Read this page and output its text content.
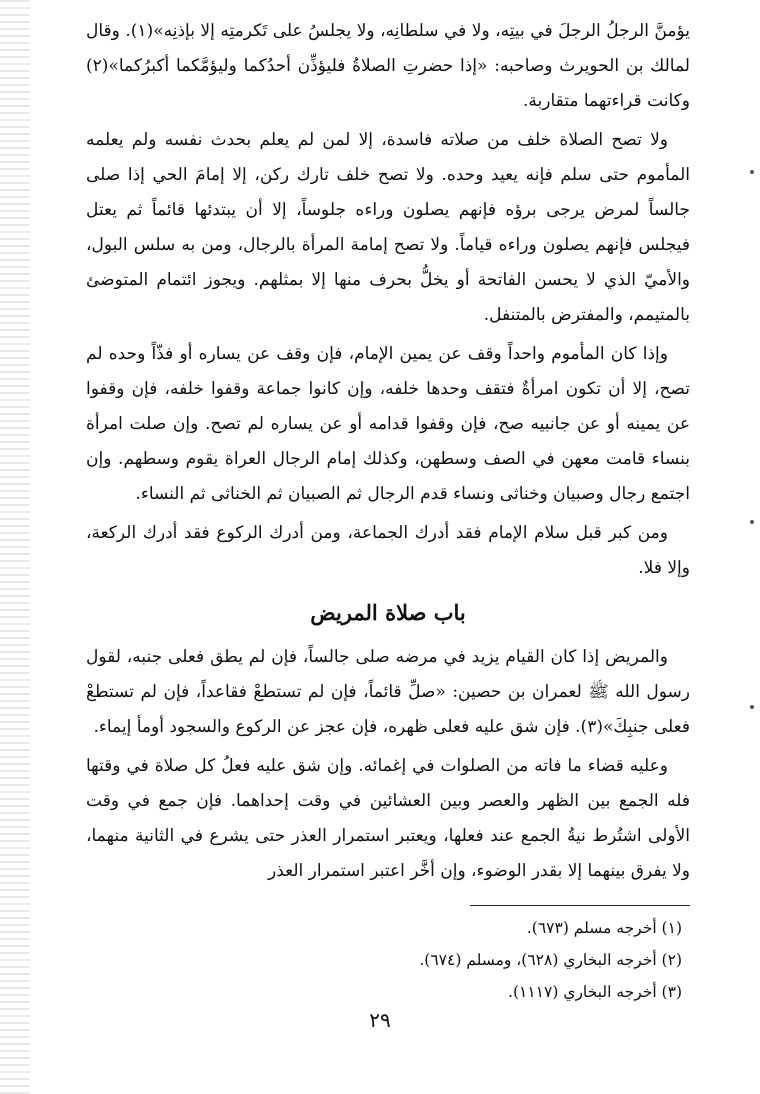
يؤمنَّ الرجلُ الرجلَ في بيتِه، ولا في سلطانِه، ولا يجلسُ على تَكرمتِه إلا بإذنِه»(١). وقال لمالك بن الحويرث وصاحبه: «إذا حضرتِ الصلاةُ فليؤذِّن أحدُكما وليؤمَّكما أكبرُكما»(٢) وكانت قراءتهما متقاربة.

ولا تصح الصلاة خلف من صلاته فاسدة، إلا لمن لم يعلم بحدث نفسه ولم يعلمه المأموم حتى سلم فإنه يعيد وحده. ولا تصح خلف تارك ركن، إلا إمامَ الحي إذا صلى جالساً لمرض يرجى برؤه فإنهم يصلون وراءه جلوساً، إلا أن يبتدئها قائماً ثم يعتل فيجلس فإنهم يصلون وراءه قياماً. ولا تصح إمامة المرأة بالرجال، ومن به سلس البول، والأميّ الذي لا يحسن الفاتحة أو يخلُّ بحرف منها إلا بمثلهم. ويجوز ائتمام المتوضئ بالمتيمم، والمفترض بالمتنفل.

وإذا كان المأموم واحداً وقف عن يمين الإمام، فإن وقف عن يساره أو فذّاً وحده لم تصح، إلا أن تكون امرأةٌ فتقف وحدها خلفه، وإن كانوا جماعة وقفوا خلفه، فإن وقفوا عن يمينه أو عن جانبيه صح، فإن وقفوا قدامه أو عن يساره لم تصح. وإن صلت امرأة بنساء قامت معهن في الصف وسطهن، وكذلك إمام الرجال العراة يقوم وسطهم. وإن اجتمع رجال وصبيان وخناثى ونساء قدم الرجال ثم الصبيان ثم الخناثى ثم النساء.

ومن كبر قبل سلام الإمام فقد أدرك الجماعة، ومن أدرك الركوع فقد أدرك الركعة، وإلا فلا.

باب صلاة المريض

والمريض إذا كان القيام يزيد في مرضه صلى جالساً، فإن لم يطق فعلى جنبه، لقول رسول الله ﷺ لعمران بن حصين: «صلِّ قائماً، فإن لم تستطعْ فقاعداً، فإن لم تستطعْ فعلى جنبِكَ»(٣). فإن شق عليه فعلى ظهره، فإن عجز عن الركوع والسجود أومأ إيماء.

وعليه قضاء ما فاته من الصلوات في إغمائه. وإن شق عليه فعلُ كل صلاة في وقتها فله الجمع بين الظهر والعصر وبين العشائين في وقت إحداهما. فإن جمع في وقت الأولى اشتُرط نيةُ الجمع عند فعلها، ويعتبر استمرار العذر حتى يشرع في الثانية منهما، ولا يفرق بينهما إلا بقدر الوضوء، وإن أخَّر اعتبر استمرار العذر

(١) أخرجه مسلم (٦٧٣).

(٢) أخرجه البخاري (٦٢٨)، ومسلم (٦٧٤).

(٣) أخرجه البخاري (١١١٧).

٢٩
